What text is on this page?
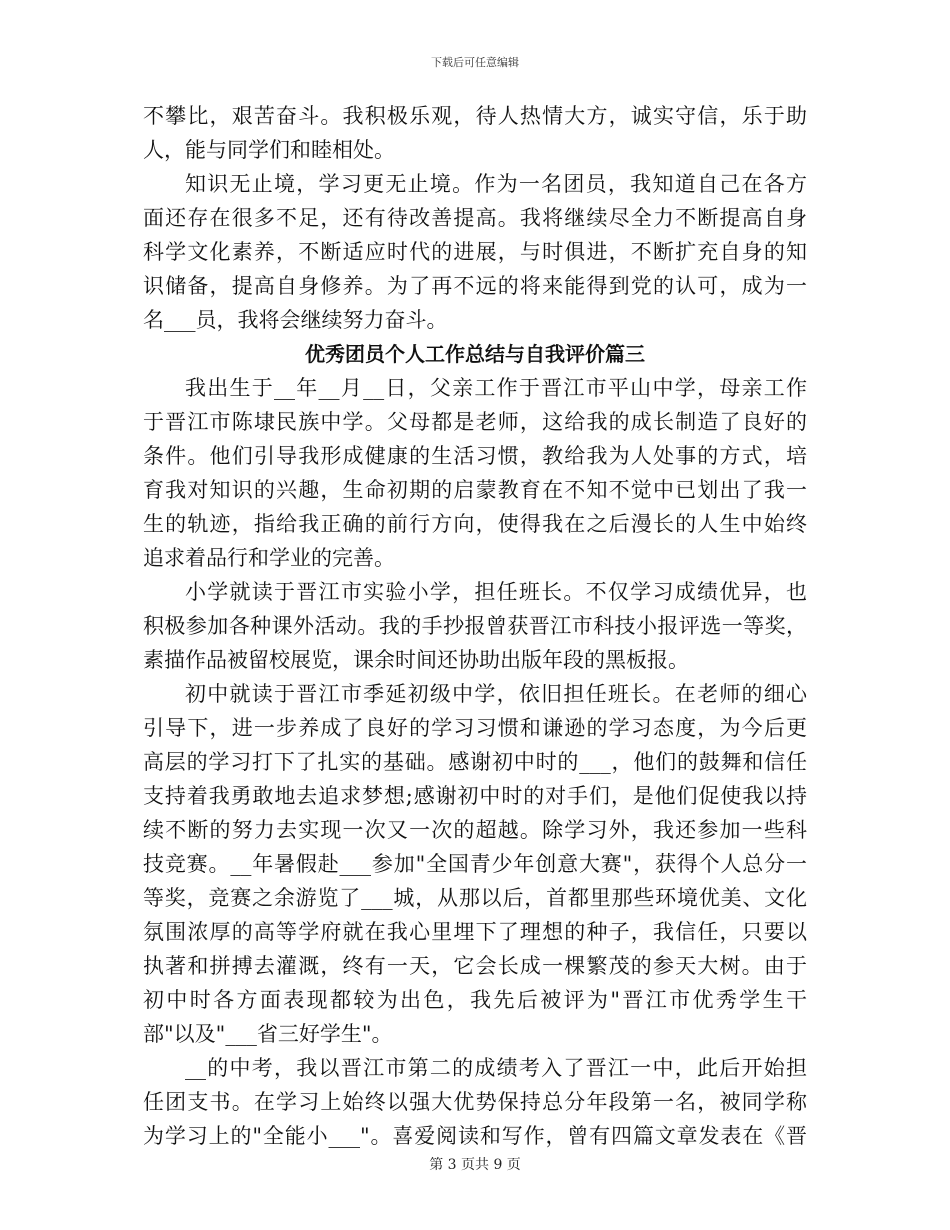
下载后可任意编辑
不攀比，艰苦奋斗。我积极乐观，待人热情大方，诚实守信，乐于助
人，能与同学们和睦相处。
知识无止境，学习更无止境。作为一名团员，我知道自己在各方
面还存在很多不足，还有待改善提高。我将继续尽全力不断提高自身
科学文化素养，不断适应时代的进展，与时俱进，不断扩充自身的知
识储备，提高自身修养。为了再不远的将来能得到党的认可，成为一
名___员，我将会继续努力奋斗。
优秀团员个人工作总结与自我评价篇三
我出生于__年__月__日，父亲工作于晋江市平山中学，母亲工作
于晋江市陈埭民族中学。父母都是老师，这给我的成长制造了良好的
条件。他们引导我形成健康的生活习惯，教给我为人处事的方式，培
育我对知识的兴趣，生命初期的启蒙教育在不知不觉中已划出了我一
生的轨迹，指给我正确的前行方向，使得我在之后漫长的人生中始终
追求着品行和学业的完善。
小学就读于晋江市实验小学，担任班长。不仅学习成绩优异，也
积极参加各种课外活动。我的手抄报曾获晋江市科技小报评选一等奖，
素描作品被留校展览，课余时间还协助出版年段的黑板报。
初中就读于晋江市季延初级中学，依旧担任班长。在老师的细心
引导下，进一步养成了良好的学习习惯和谦逊的学习态度，为今后更
高层的学习打下了扎实的基础。感谢初中时的___，他们的鼓舞和信任
支持着我勇敢地去追求梦想;感谢初中时的对手们，是他们促使我以持
续不断的努力去实现一次又一次的超越。除学习外，我还参加一些科
技竞赛。__年暑假赴___参加"全国青少年创意大赛"，获得个人总分一
等奖，竞赛之余游览了___城，从那以后，首都里那些环境优美、文化
氛围浓厚的高等学府就在我心里埋下了理想的种子，我信任，只要以
执著和拼搏去灌溉，终有一天，它会长成一棵繁茂的参天大树。由于
初中时各方面表现都较为出色，我先后被评为"晋江市优秀学生干
部"以及"___省三好学生"。
__的中考，我以晋江市第二的成绩考入了晋江一中，此后开始担
任团支书。在学习上始终以强大优势保持总分年段第一名，被同学称
为学习上的"全能小___"。喜爱阅读和写作，曾有四篇文章发表在《晋
第 3 页共 9 页
